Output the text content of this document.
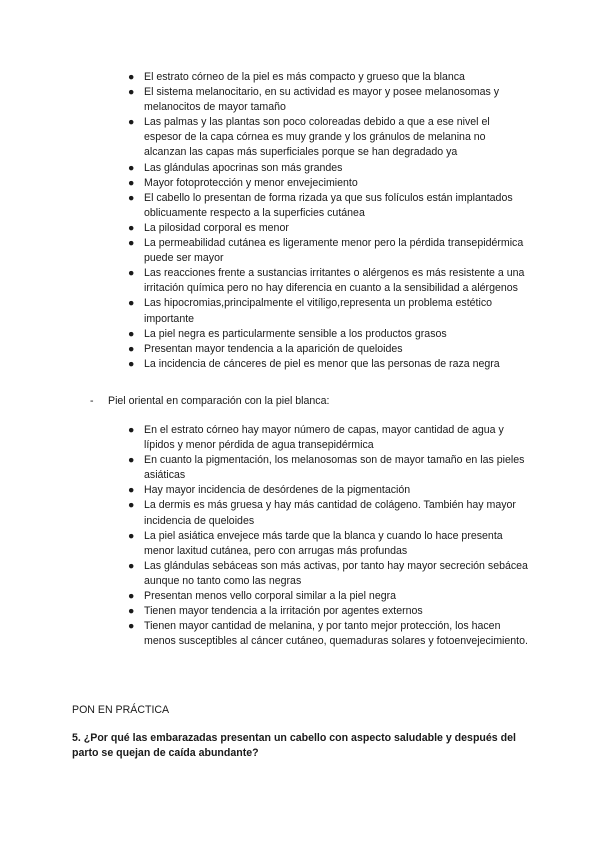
● El estrato córneo de la piel es más compacto y grueso que la blanca
● El sistema melanocitario, en su actividad es mayor y posee melanosomas y melanocitos de mayor tamaño
● Las palmas y las plantas son poco coloreadas debido a que a ese nivel el espesor de la capa córnea es muy grande y los gránulos de melanina no alcanzan las capas más superficiales porque se han degradado ya
● Las glándulas apocrinas son más grandes
● Mayor fotoprotección y menor envejecimiento
● El cabello lo presentan de forma rizada ya que sus folículos están implantados oblicuamente respecto a la superficies cutánea
● La pilosidad corporal es menor
● La permeabilidad cutánea es ligeramente menor pero la pérdida transepidérmica puede ser mayor
● Las reacciones frente a sustancias irritantes o alérgenos es más resistente a una irritación química pero no hay diferencia en cuanto a la sensibilidad a alérgenos
● Las hipocromias,principalmente el vitíligo,representa un problema estético importante
● La piel negra es particularmente sensible a los productos grasos
● Presentan mayor tendencia a la aparición de queloides
● La incidencia de cánceres de piel es menor que las personas de raza negra
- Piel oriental en comparación con la piel blanca:
● En el estrato córneo hay mayor número de capas, mayor cantidad de agua y lípidos y menor pérdida de agua transepidérmica
● En cuanto la pigmentación, los melanosomas son de mayor tamaño en las pieles asiáticas
● Hay mayor incidencia de desórdenes de la pigmentación
● La dermis es más gruesa y hay más cantidad de colágeno. También hay mayor incidencia de queloides
● La piel asiática envejece más tarde que la blanca y cuando lo hace presenta menor laxitud cutánea, pero con arrugas más profundas
● Las glándulas sebáceas son más activas, por tanto hay mayor secreción sebácea aunque no tanto como las negras
● Presentan menos vello corporal similar a la piel negra
● Tienen mayor tendencia a la irritación por agentes externos
● Tienen mayor cantidad de melanina, y por tanto mejor protección, los hacen menos susceptibles al cáncer cutáneo, quemaduras solares y fotoenvejecimiento.
PON EN PRÁCTICA
5. ¿Por qué las embarazadas presentan un cabello con aspecto saludable y después del parto se quejan de caída abundante?
